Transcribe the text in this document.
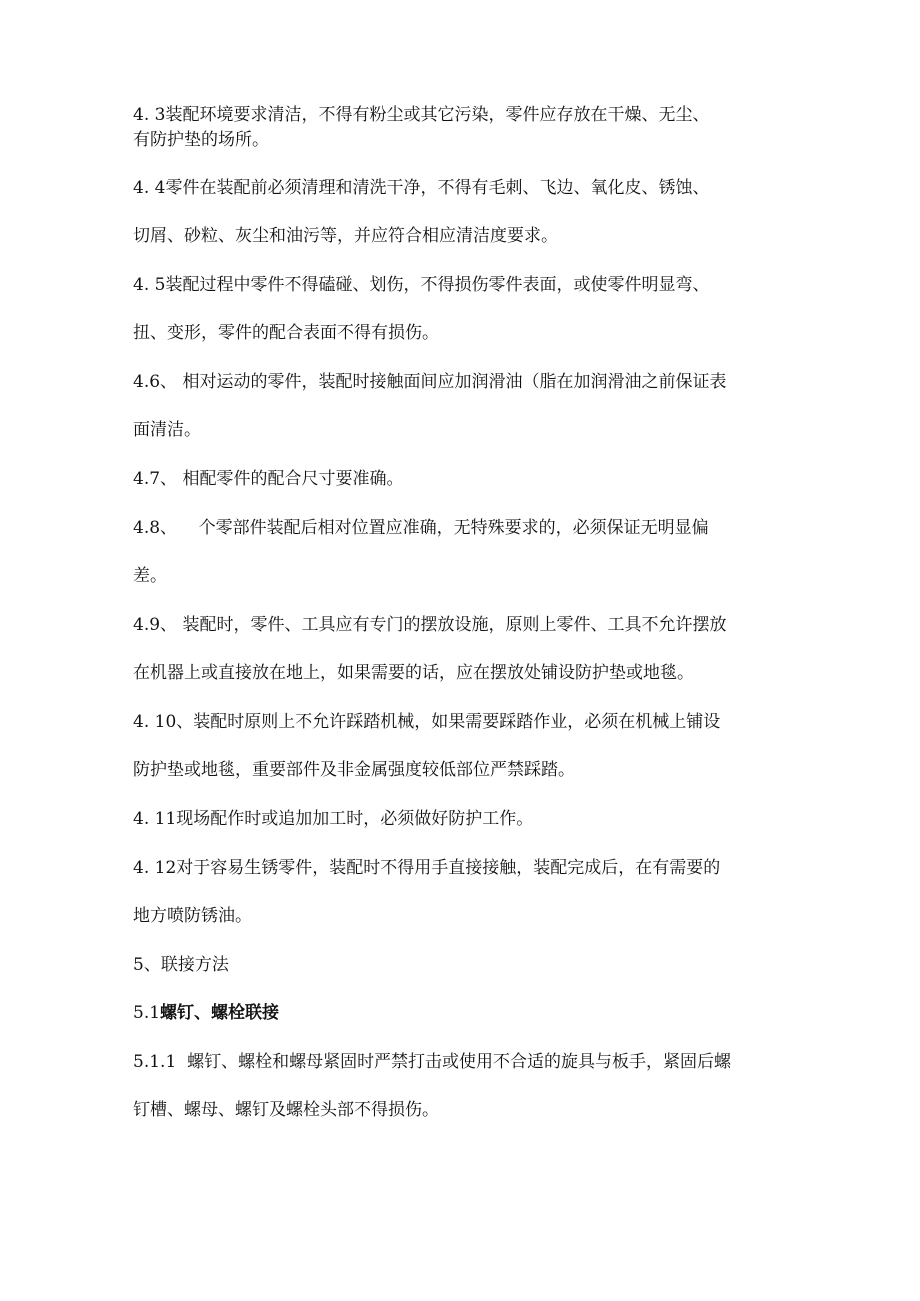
4. 3装配环境要求清洁，不得有粉尘或其它污染，零件应存放在干燥、无尘、

有防护垫的场所。

4. 4零件在装配前必须清理和清洗干净，不得有毛刺、飞边、氧化皮、锈蚀、

切屑、砂粒、灰尘和油污等，并应符合相应清洁度要求。

4. 5装配过程中零件不得磕碰、划伤，不得损伤零件表面，或使零件明显弯、

扭、变形，零件的配合表面不得有损伤。

4.6、 相对运动的零件，装配时接触面间应加润滑油（脂在加润滑油之前保证表

面清洁。

4.7、 相配零件的配合尺寸要准确。

4.8、    个零部件装配后相对位置应准确，无特殊要求的，必须保证无明显偏

差。

4.9、 装配时，零件、工具应有专门的摆放设施，原则上零件、工具不允许摆放

在机器上或直接放在地上，如果需要的话，应在摆放处铺设防护垫或地毯。

4. 10、装配时原则上不允许踩踏机械，如果需要踩踏作业，必须在机械上铺设

防护垫或地毯，重要部件及非金属强度较低部位严禁踩踏。

4. 11现场配作时或追加加工时，必须做好防护工作。

4. 12对于容易生锈零件，装配时不得用手直接接触，装配完成后，在有需要的

地方喷防锈油。

5、联接方法

5.1螺钉、螺栓联接

5.1.1  螺钉、螺栓和螺母紧固时严禁打击或使用不合适的旋具与板手，紧固后螺

钉槽、螺母、螺钉及螺栓头部不得损伤。
